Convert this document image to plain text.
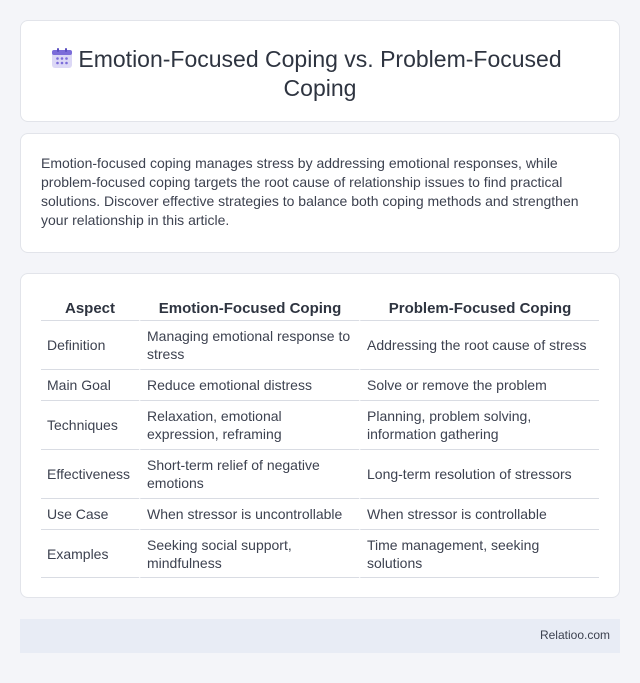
Emotion-Focused Coping vs. Problem-Focused Coping

Emotion-focused coping manages stress by addressing emotional responses, while problem-focused coping targets the root cause of relationship issues to find practical solutions. Discover effective strategies to balance both coping methods and strengthen your relationship in this article.

Aspect	Emotion-Focused Coping	Problem-Focused Coping
Definition	Managing emotional response to stress	Addressing the root cause of stress
Main Goal	Reduce emotional distress	Solve or remove the problem
Techniques	Relaxation, emotional expression, reframing	Planning, problem solving, information gathering
Effectiveness	Short-term relief of negative emotions	Long-term resolution of stressors
Use Case	When stressor is uncontrollable	When stressor is controllable
Examples	Seeking social support, mindfulness	Time management, seeking solutions
Relatioo.com
